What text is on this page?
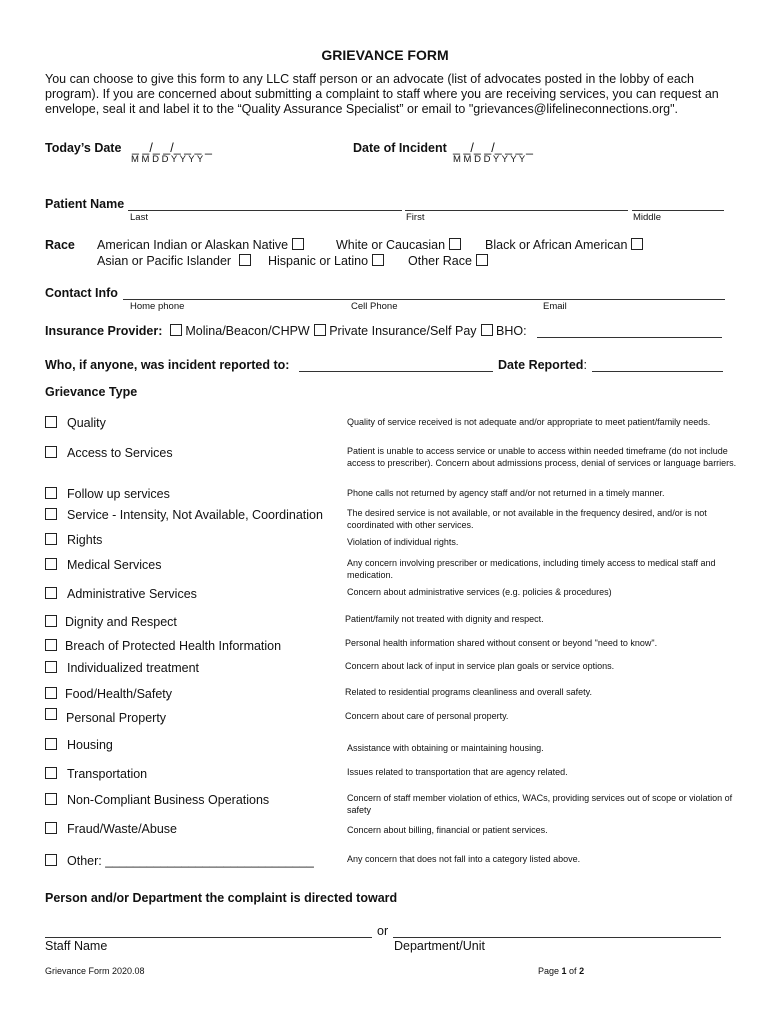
GRIEVANCE FORM
You can choose to give this form to any LLC staff person or an advocate (list of advocates posted in the lobby of each program). If you are concerned about submitting a complaint to staff where you are receiving services, you can request an envelope, seal it and label it to the “Quality Assurance Specialist” or email to "grievances@lifelineconnections.org".
Today’s Date _ _/_ _/_ _ _ _
M M D D Y Y Y Y
Date of Incident _ _/_ _/_ _ _ _
M M D D Y Y Y Y
Patient Name
Last	First	Middle
Race American Indian or Alaskan Native	White or Caucasian	Black or African American
Asian or Pacific Islander	Hispanic or Latino	Other Race
Contact Info
Home phone	Cell Phone	Email
Insurance Provider: Molina/Beacon/CHPW Private Insurance/Self Pay BHO:
Who, if anyone, was incident reported to:	Date Reported:
Grievance Type
Quality	Quality of service received is not adequate and/or appropriate to meet patient/family needs.
Access to Services	Patient is unable to access service or unable to access within needed timeframe (do not include access to prescriber). Concern about admissions process, denial of services or language barriers.
Follow up services	Phone calls not returned by agency staff and/or not returned in a timely manner.
Service - Intensity, Not Available, Coordination	The desired service is not available, or not available in the frequency desired, and/or is not coordinated with other services.
Rights	Violation of individual rights.
Medical Services	Any concern involving prescriber or medications, including timely access to medical staff and medication.
Administrative Services	Concern about administrative services (e.g. policies & procedures)
Dignity and Respect	Patient/family not treated with dignity and respect.
Breach of Protected Health Information	Personal health information shared without consent or beyond "need to know".
Individualized treatment	Concern about lack of input in service plan goals or service options.
Food/Health/Safety	Related to residential programs cleanliness and overall safety.
Personal Property	Concern about care of personal property.
Housing	Assistance with obtaining or maintaining housing.
Transportation	Issues related to transportation that are agency related.
Non-Compliant Business Operations	Concern of staff member violation of ethics, WACs, providing services out of scope or violation of safety
Fraud/Waste/Abuse	Concern about billing, financial or patient services.
Other: ______________________________	Any concern that does not fall into a category listed above.
Person and/or Department the complaint is directed toward
or
Staff Name	Department/Unit
Grievance Form 2020.08	Page 1 of 2
